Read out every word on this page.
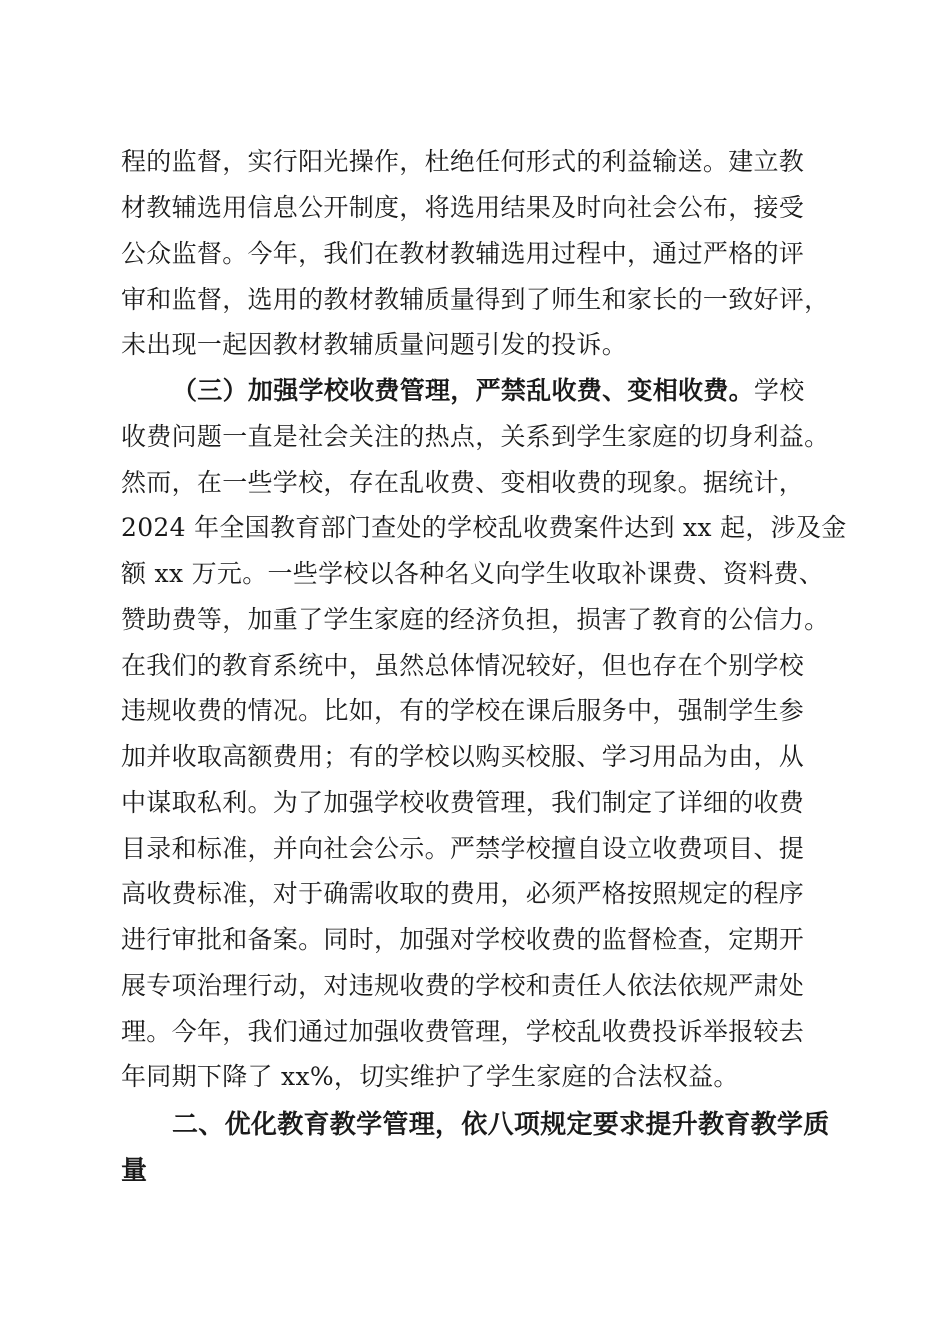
程的监督，实行阳光操作，杜绝任何形式的利益输送。建立教
材教辅选用信息公开制度，将选用结果及时向社会公布，接受
公众监督。今年，我们在教材教辅选用过程中，通过严格的评
审和监督，选用的教材教辅质量得到了师生和家长的一致好评，
未出现一起因教材教辅质量问题引发的投诉。
（三）加强学校收费管理，严禁乱收费、变相收费。学校
收费问题一直是社会关注的热点，关系到学生家庭的切身利益。
然而，在一些学校，存在乱收费、变相收费的现象。据统计，
2024 年全国教育部门查处的学校乱收费案件达到 xx 起，涉及金
额 xx 万元。一些学校以各种名义向学生收取补课费、资料费、
赞助费等，加重了学生家庭的经济负担，损害了教育的公信力。
在我们的教育系统中，虽然总体情况较好，但也存在个别学校
违规收费的情况。比如，有的学校在课后服务中，强制学生参
加并收取高额费用；有的学校以购买校服、学习用品为由，从
中谋取私利。为了加强学校收费管理，我们制定了详细的收费
目录和标准，并向社会公示。严禁学校擅自设立收费项目、提
高收费标准，对于确需收取的费用，必须严格按照规定的程序
进行审批和备案。同时，加强对学校收费的监督检查，定期开
展专项治理行动，对违规收费的学校和责任人依法依规严肃处
理。今年，我们通过加强收费管理，学校乱收费投诉举报较去
年同期下降了 xx%，切实维护了学生家庭的合法权益。
二、优化教育教学管理，依八项规定要求提升教育教学质
量
